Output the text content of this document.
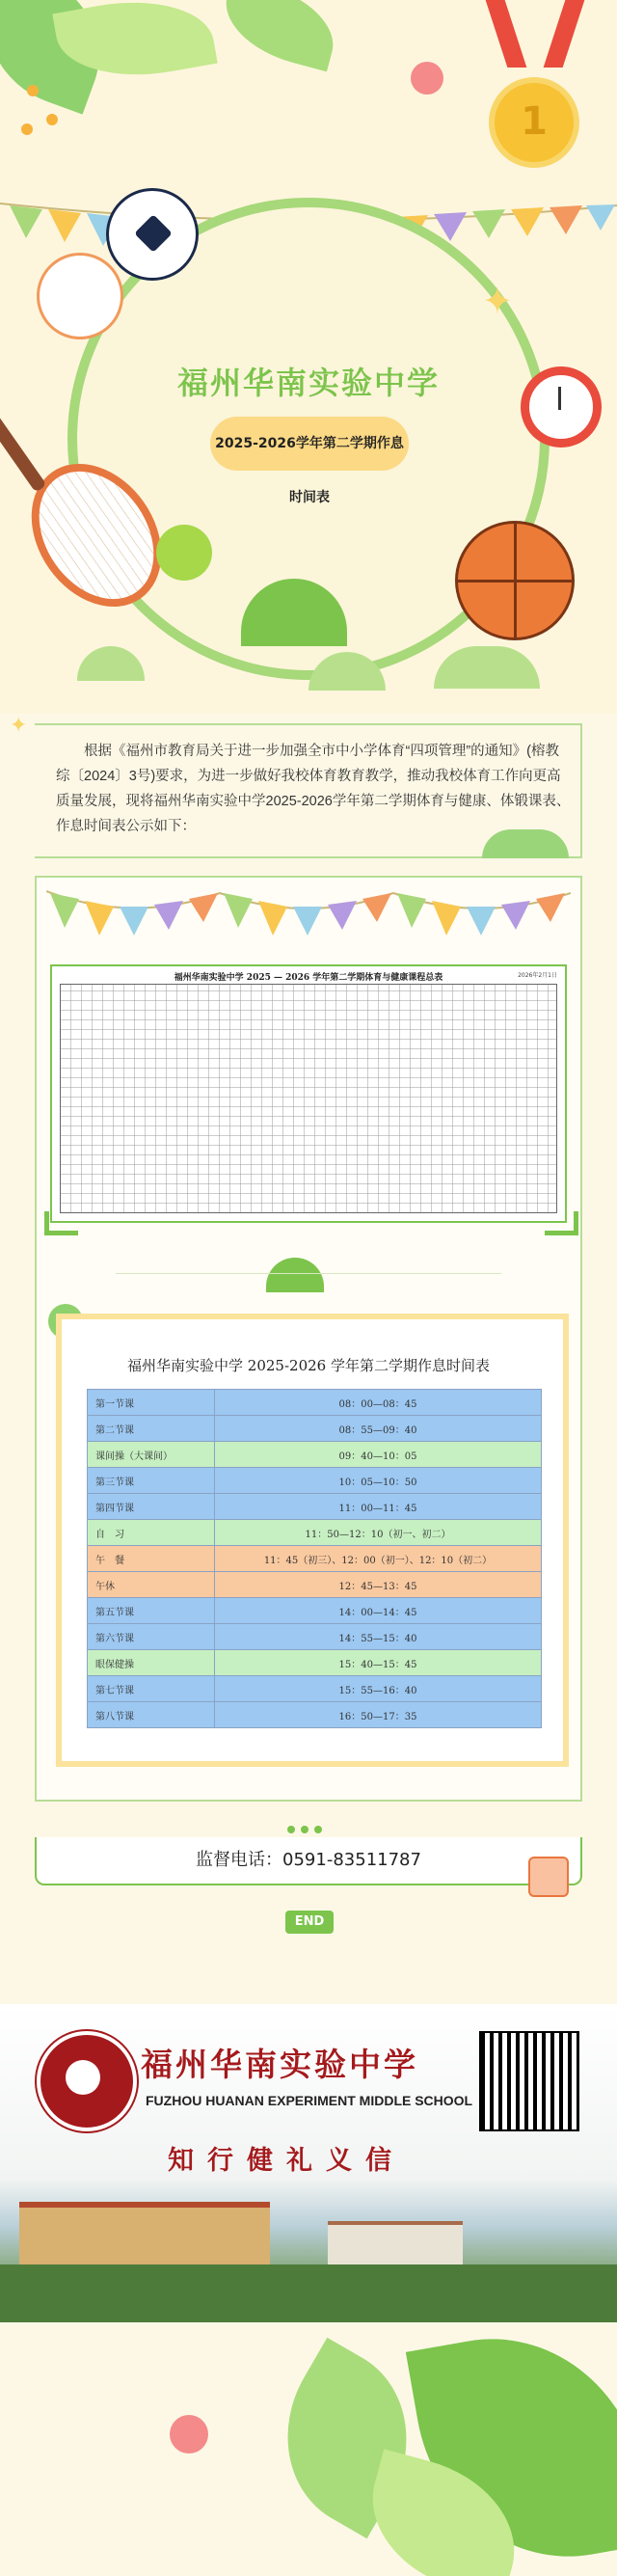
1
✦
福州华南实验中学
2025-2026学年第二学期作息时间表
✦

根据《福州市教育局关于进一步加强全市中小学体育“四项管理”的通知》(榕教综〔2024〕3号)要求，为进一步做好我校体育教育教学，推动我校体育工作向更高质量发展，现将福州华南实验中学2025-2026学年第二学期体育与健康、体锻课表、作息时间表公示如下：

福州华南实验中学 2025 — 2026 学年第二学期体育与健康课程总表	2026年2月1日
福州华南实验中学 2025-2026 学年第二学期作息时间表
第一节课	08：00—08：45
第二节课	08：55—09：40
课间操（大课间）	09：40—10：05
第三节课	10：05—10：50
第四节课	11：00—11：45
自　习	11：50—12：10（初一、初二）
午　餐	11：45（初三）、12：00（初一）、12：10（初二）
午休	12：45—13：45
第五节课	14：00—14：45
第六节课	14：55—15：40
眼保健操	15：40—15：45
第七节课	15：55—16：40
第八节课	16：50—17：35
监督电话：0591-83511787
END
福州华南实验中学
FUZHOU HUANAN EXPERIMENT MIDDLE SCHOOL
知行健礼义信
